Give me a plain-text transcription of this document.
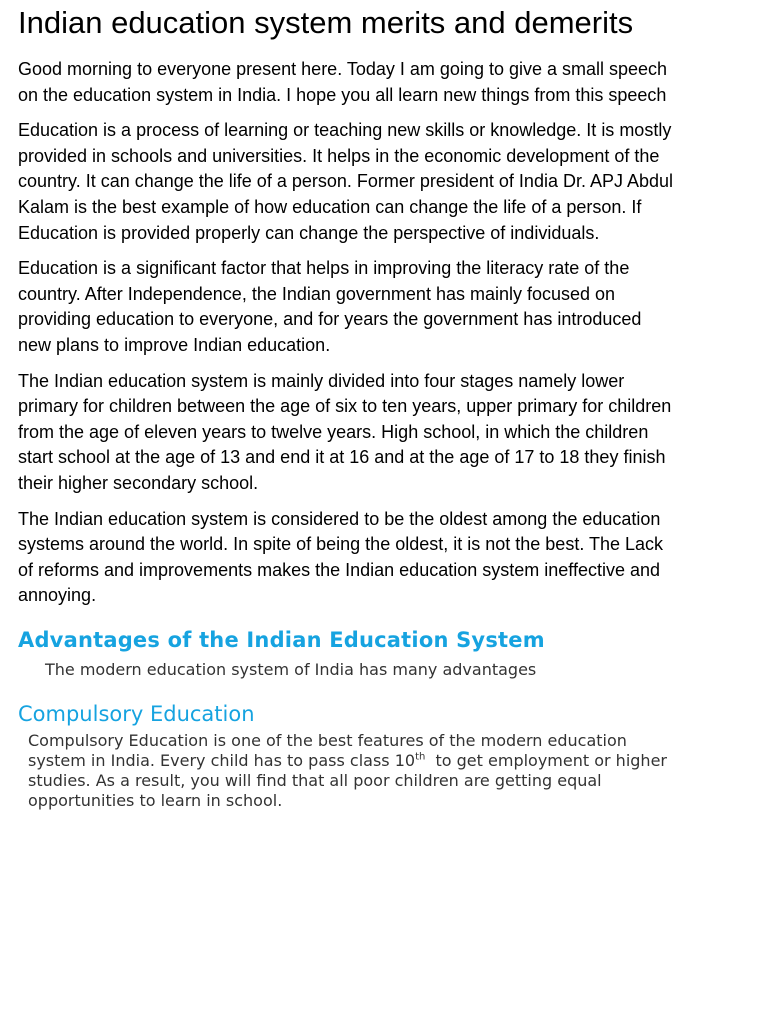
Indian education system merits and demerits

Good morning to everyone present here. Today I am going to give a small speech on the education system in India. I hope you all learn new things from this speech

Education is a process of learning or teaching new skills or knowledge. It is mostly provided in schools and universities. It helps in the economic development of the country. It can change the life of a person. Former president of India Dr. APJ Abdul Kalam is the best example of how education can change the life of a person. If Education is provided properly can change the perspective of individuals.

Education is a significant factor that helps in improving the literacy rate of the country. After Independence, the Indian government has mainly focused on providing education to everyone, and for years the government has introduced new plans to improve Indian education.

The Indian education system is mainly divided into four stages namely lower primary for children between the age of six to ten years, upper primary for children from the age of eleven years to twelve years. High school, in which the children start school at the age of 13 and end it at 16 and at the age of 17 to 18 they finish their higher secondary school.

The Indian education system is considered to be the oldest among the education systems around the world. In spite of being the oldest, it is not the best. The Lack of reforms and improvements makes the Indian education system ineffective and annoying.

Advantages of the Indian Education System

The modern education system of India has many advantages

Compulsory Education

Compulsory Education is one of the best features of the modern education system in India. Every child has to pass class 10th  to get employment or higher studies. As a result, you will find that all poor children are getting equal opportunities to learn in school.
